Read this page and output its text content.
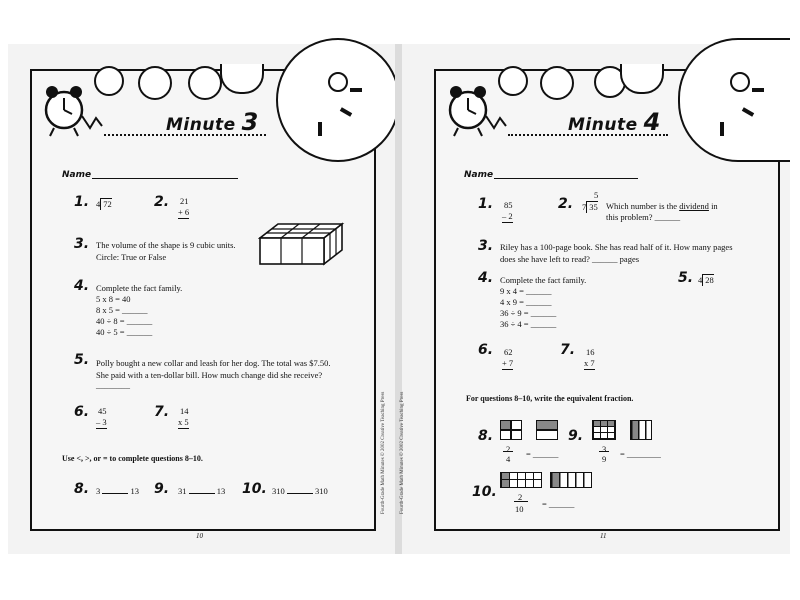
Minute 3
Name
1. 4 72	2. 21
+ 6
3. The volume of the shape is 9 cubic units.
Circle: True or False
4. Complete the fact family.
5 x 8 = 40
8 x 5 = ______
40 ÷ 8 = ______
40 ÷ 5 = ______
5. Polly bought a new collar and leash for her dog. The total was $7.50.
She paid with a ten-dollar bill. How much change did she receive?
________
6. 45
– 3
7. 14
x 5
Use <, >, or = to complete questions 8–10.
8. 3	13 9. 31	13 10. 310	310
10
Fourth-Grade Math Minutes © 2002 Creative Teaching Press
Minute 4
Name
1. 85
– 2
2.
5
7 35 Which number is the dividend in
this problem? ______
3. Riley has a 100-page book. She has read half of it. How many pages
does she have left to read? ______ pages
4. Complete the fact family.
9 x 4 = ______
4 x 9 = ______
36 ÷ 9 = ______
36 ÷ 4 = ______
5. 4 28
6. 62
+ 7
7. 16
x 7
For questions 8–10, write the equivalent fraction.
8.
2
4 = ______
9.
3
9 = ________
10. 2
10 = ______
11
Fourth-Grade Math Minutes © 2002 Creative Teaching Press
